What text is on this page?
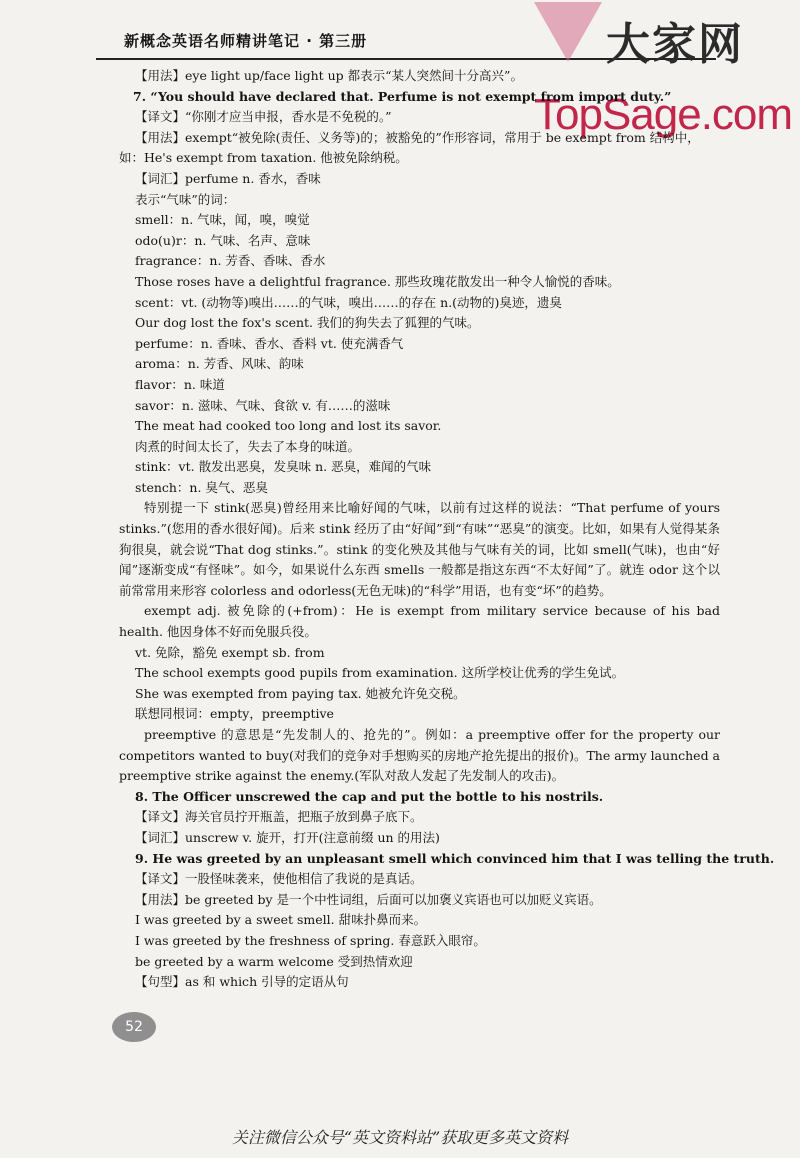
新概念英语名师精讲笔记 · 第三册	大家网
TopSage.com
【用法】eye light up/face light up 都表示“某人突然间十分高兴”。
7. “You should have declared that. Perfume is not exempt from import duty.”
【译文】“你刚才应当申报，香水是不免税的。”
【用法】exempt“被免除(责任、义务等)的；被豁免的”作形容词，常用于 be exempt from 结构中，
如：He's exempt from taxation. 他被免除纳税。
【词汇】perfume n. 香水，香味
表示“气味”的词：
smell：n. 气味，闻，嗅，嗅觉
odo(u)r：n. 气味、名声、意味
fragrance：n. 芳香、香味、香水
Those roses have a delightful fragrance. 那些玫瑰花散发出一种令人愉悦的香味。
scent：vt. (动物等)嗅出……的气味，嗅出……的存在 n.(动物的)臭迹，遗臭
Our dog lost the fox's scent. 我们的狗失去了狐狸的气味。
perfume：n. 香味、香水、香料 vt. 使充满香气
aroma：n. 芳香、风味、韵味
flavor：n. 味道
savor：n. 滋味、气味、食欲 v. 有……的滋味
The meat had cooked too long and lost its savor.
肉煮的时间太长了，失去了本身的味道。
stink：vt. 散发出恶臭，发臭味 n. 恶臭，难闻的气味
stench：n. 臭气、恶臭
特别提一下 stink(恶臭)曾经用来比喻好闻的气味，以前有过这样的说法：“That perfume of yours stinks.”(您用的香水很好闻)。后来 stink 经历了由“好闻”到“有味”“恶臭”的演变。比如，如果有人觉得某条狗很臭，就会说“That dog stinks.”。stink 的变化殃及其他与气味有关的词，比如 smell(气味)，也由“好闻”逐渐变成“有怪味”。如今，如果说什么东西 smells 一般都是指这东西“不太好闻”了。就连 odor 这个以前常常用来形容 colorless and odorless(无色无味)的“科学”用语，也有变“坏”的趋势。
exempt adj. 被免除的(+from)：He is exempt from military service because of his bad health. 他因身体不好而免服兵役。
vt. 免除，豁免 exempt sb. from
The school exempts good pupils from examination. 这所学校让优秀的学生免试。
She was exempted from paying tax. 她被允许免交税。
联想同根词：empty，preemptive
preemptive 的意思是“先发制人的、抢先的”。例如：a preemptive offer for the property our competitors wanted to buy(对我们的竞争对手想购买的房地产抢先提出的报价)。The army launched a preemptive strike against the enemy.(军队对敌人发起了先发制人的攻击)。
8. The Officer unscrewed the cap and put the bottle to his nostrils.
【译文】海关官员拧开瓶盖，把瓶子放到鼻子底下。
【词汇】unscrew v. 旋开，打开(注意前缀 un 的用法)
9. He was greeted by an unpleasant smell which convinced him that I was telling the truth.
【译文】一股怪味袭来，使他相信了我说的是真话。
【用法】be greeted by 是一个中性词组，后面可以加褒义宾语也可以加贬义宾语。
I was greeted by a sweet smell. 甜味扑鼻而来。
I was greeted by the freshness of spring. 春意跃入眼帘。
be greeted by a warm welcome 受到热情欢迎
【句型】as 和 which 引导的定语从句
52
关注微信公众号“英文资料站”获取更多英文资料
